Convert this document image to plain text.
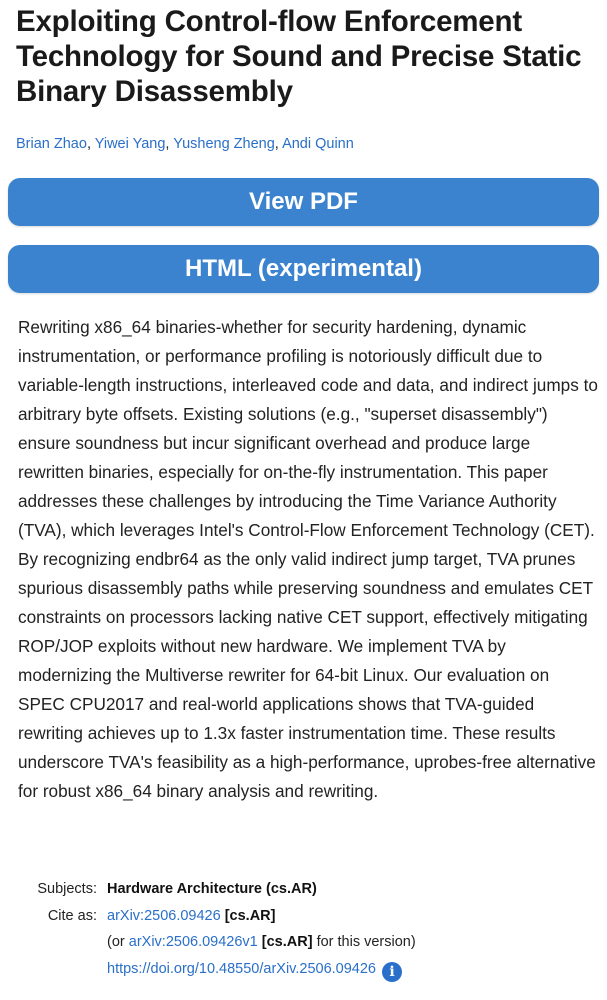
Exploiting Control-flow Enforcement Technology for Sound and Precise Static Binary Disassembly
Brian Zhao, Yiwei Yang, Yusheng Zheng, Andi Quinn
View PDF
HTML (experimental)

Rewriting x86_64 binaries-whether for security hardening, dynamic instrumentation, or performance profiling is notoriously difficult due to variable-length instructions, interleaved code and data, and indirect jumps to arbitrary byte offsets. Existing solutions (e.g., "superset disassembly") ensure soundness but incur significant overhead and produce large rewritten binaries, especially for on-the-fly instrumentation. This paper addresses these challenges by introducing the Time Variance Authority (TVA), which leverages Intel's Control-Flow Enforcement Technology (CET). By recognizing endbr64 as the only valid indirect jump target, TVA prunes spurious disassembly paths while preserving soundness and emulates CET constraints on processors lacking native CET support, effectively mitigating ROP/JOP exploits without new hardware. We implement TVA by modernizing the Multiverse rewriter for 64-bit Linux. Our evaluation on SPEC CPU2017 and real-world applications shows that TVA-guided rewriting achieves up to 1.3x faster instrumentation time. These results underscore TVA's feasibility as a high-performance, uprobes-free alternative for robust x86_64 binary analysis and rewriting.

Subjects: Hardware Architecture (cs.AR)
Cite as: arXiv:2506.09426 [cs.AR]
(or arXiv:2506.09426v1 [cs.AR] for this version)
https://doi.org/10.48550/arXiv.2506.09426 i
